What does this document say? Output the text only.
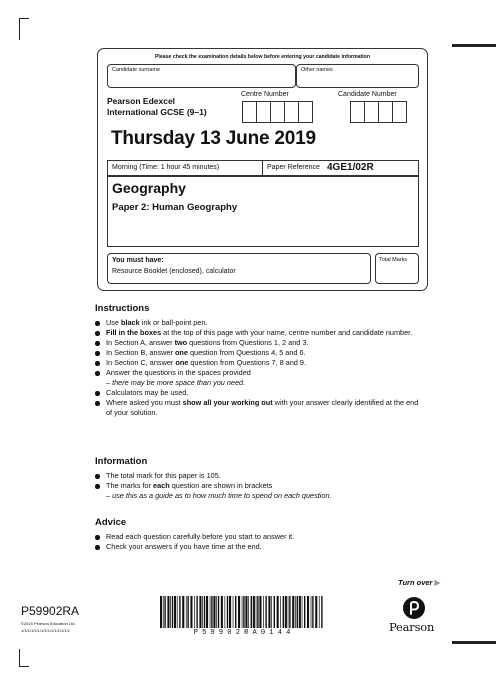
Please check the examination details below before entering your candidate information
Candidate surname	Other names
Pearson Edexcel
International GCSE (9–1)
Centre Number	Candidate Number
Thursday 13 June 2019
Morning (Time: 1 hour 45 minutes)	Paper Reference 4GE1/02R
Geography
Paper 2: Human Geography
You must have:
Resource Booklet (enclosed), calculator
Total Marks
Instructions
Use black ink or ball-point pen.
Fill in the boxes at the top of this page with your name, centre number and candidate number.
In Section A, answer two questions from Questions 1, 2 and 3.
In Section B, answer one question from Questions 4, 5 and 6.
In Section C, answer one question from Questions 7, 8 and 9.
Answer the questions in the spaces provided
– there may be more space than you need.
Calculators may be used.
Where asked you must show all your working out with your answer clearly identified at the end of your solution.
Information
The total mark for this paper is 105.
The marks for each question are shown in brackets
– use this as a guide as to how much time to spend on each question.
Advice
Read each question carefully before you start to answer it.
Check your answers if you have time at the end.
Turn over ▶
P59902RA
©2019 Pearson Education Ltd.
1/1/1/1/1/1/1/1/1/1/1/1/1/1/1	P 5 9 9 0 2 R A 0 1 4 4	Pearson
